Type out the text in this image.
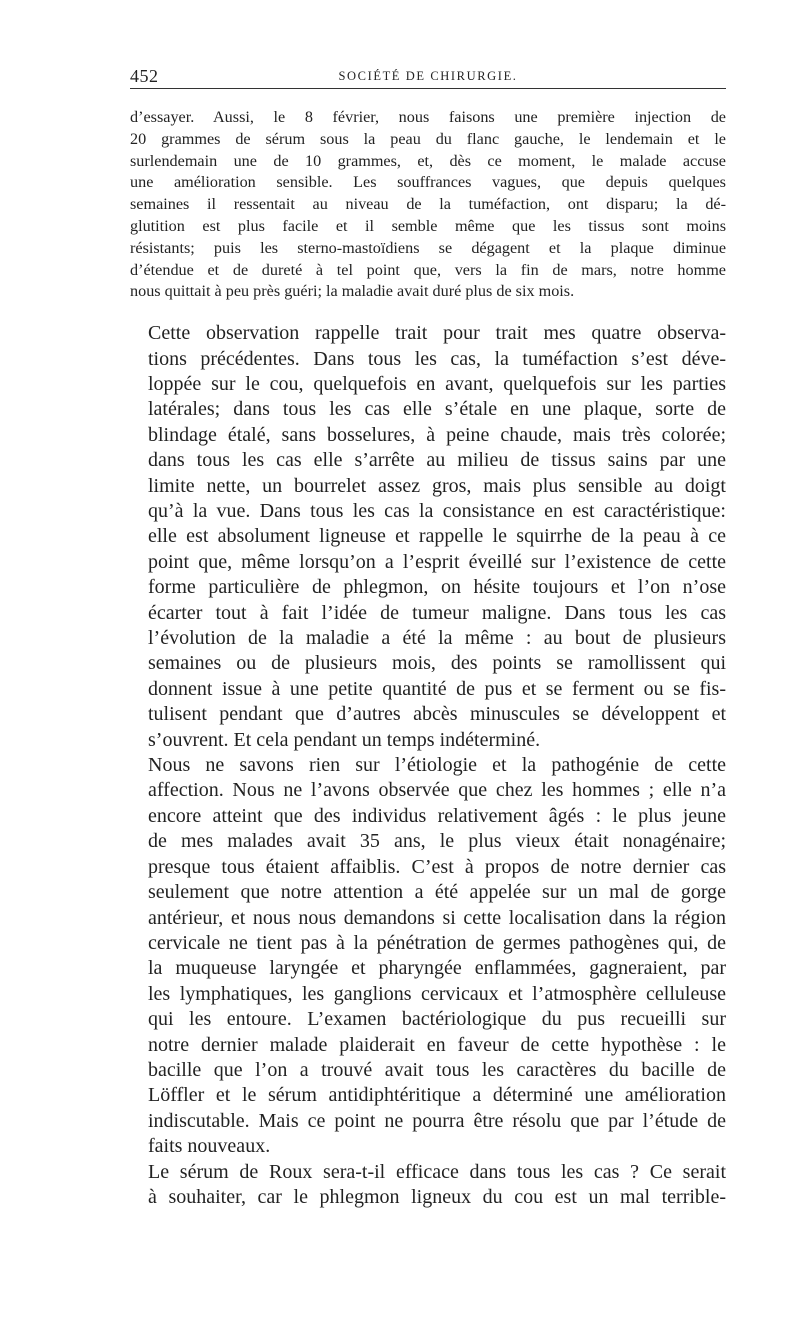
452	SOCIÉTÉ DE CHIRURGIE.

d’essayer. Aussi, le 8 février, nous faisons une première injection de
20 grammes de sérum sous la peau du flanc gauche, le lendemain et le
surlendemain une de 10 grammes, et, dès ce moment, le malade accuse
une amélioration sensible. Les souffrances vagues, que depuis quelques
semaines il ressentait au niveau de la tuméfaction, ont disparu; la dé-
glutition est plus facile et il semble même que les tissus sont moins
résistants; puis les sterno-mastoïdiens se dégagent et la plaque diminue
d’étendue et de dureté à tel point que, vers la fin de mars, notre homme
nous quittait à peu près guéri; la maladie avait duré plus de six mois.

Cette observation rappelle trait pour trait mes quatre observa-
tions précédentes. Dans tous les cas, la tuméfaction s’est déve-
loppée sur le cou, quelquefois en avant, quelquefois sur les parties
latérales; dans tous les cas elle s’étale en une plaque, sorte de
blindage étalé, sans bosselures, à peine chaude, mais très colorée;
dans tous les cas elle s’arrête au milieu de tissus sains par une
limite nette, un bourrelet assez gros, mais plus sensible au doigt
qu’à la vue. Dans tous les cas la consistance en est caractéristique:
elle est absolument ligneuse et rappelle le squirrhe de la peau à ce
point que, même lorsqu’on a l’esprit éveillé sur l’existence de cette
forme particulière de phlegmon, on hésite toujours et l’on n’ose
écarter tout à fait l’idée de tumeur maligne. Dans tous les cas
l’évolution de la maladie a été la même : au bout de plusieurs
semaines ou de plusieurs mois, des points se ramollissent qui
donnent issue à une petite quantité de pus et se ferment ou se fis-
tulisent pendant que d’autres abcès minuscules se développent et
s’ouvrent. Et cela pendant un temps indéterminé.

Nous ne savons rien sur l’étiologie et la pathogénie de cette
affection. Nous ne l’avons observée que chez les hommes ; elle n’a
encore atteint que des individus relativement âgés : le plus jeune
de mes malades avait 35 ans, le plus vieux était nonagénaire;
presque tous étaient affaiblis. C’est à propos de notre dernier cas
seulement que notre attention a été appelée sur un mal de gorge
antérieur, et nous nous demandons si cette localisation dans la région
cervicale ne tient pas à la pénétration de germes pathogènes qui, de
la muqueuse laryngée et pharyngée enflammées, gagneraient, par
les lymphatiques, les ganglions cervicaux et l’atmosphère celluleuse
qui les entoure. L’examen bactériologique du pus recueilli sur
notre dernier malade plaiderait en faveur de cette hypothèse : le
bacille que l’on a trouvé avait tous les caractères du bacille de
Löffler et le sérum antidiphtéritique a déterminé une amélioration
indiscutable. Mais ce point ne pourra être résolu que par l’étude de
faits nouveaux.

Le sérum de Roux sera-t-il efficace dans tous les cas ? Ce serait
à souhaiter, car le phlegmon ligneux du cou est un mal terrible-
